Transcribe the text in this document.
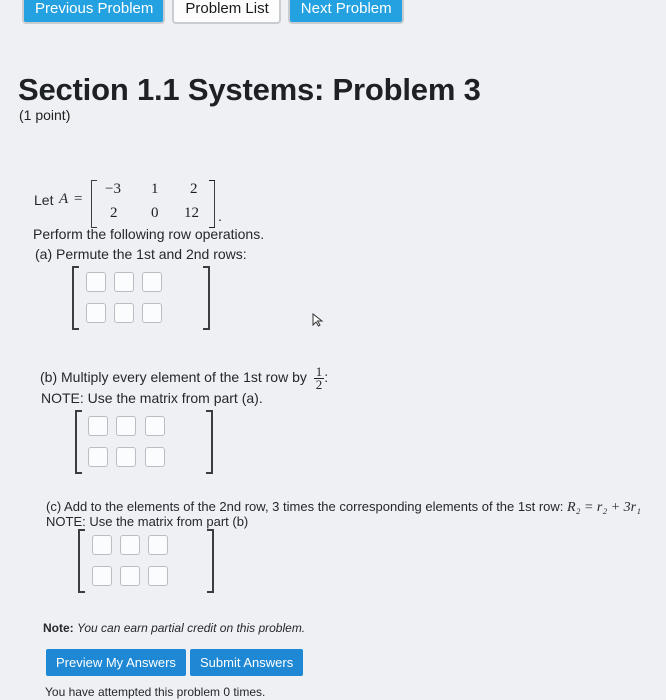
Previous Problem	Problem List	Next Problem
Section 1.1 Systems: Problem 3
(1 point)
Let A =
−3 1 2
2 0 12 .
Perform the following row operations.
(a) Permute the 1st and 2nd rows:
(b) Multiply every element of the 1st row by $\frac{1}{2}$ :
NOTE: Use the matrix from part (a).
(c) Add to the elements of the 2nd row, 3 times the corresponding elements of the 1st row: R₂ = r₂ + 3r₁
NOTE: Use the matrix from part (b)
Note: You can earn partial credit on this problem.
Preview My Answers	Submit Answers
You have attempted this problem 0 times.
